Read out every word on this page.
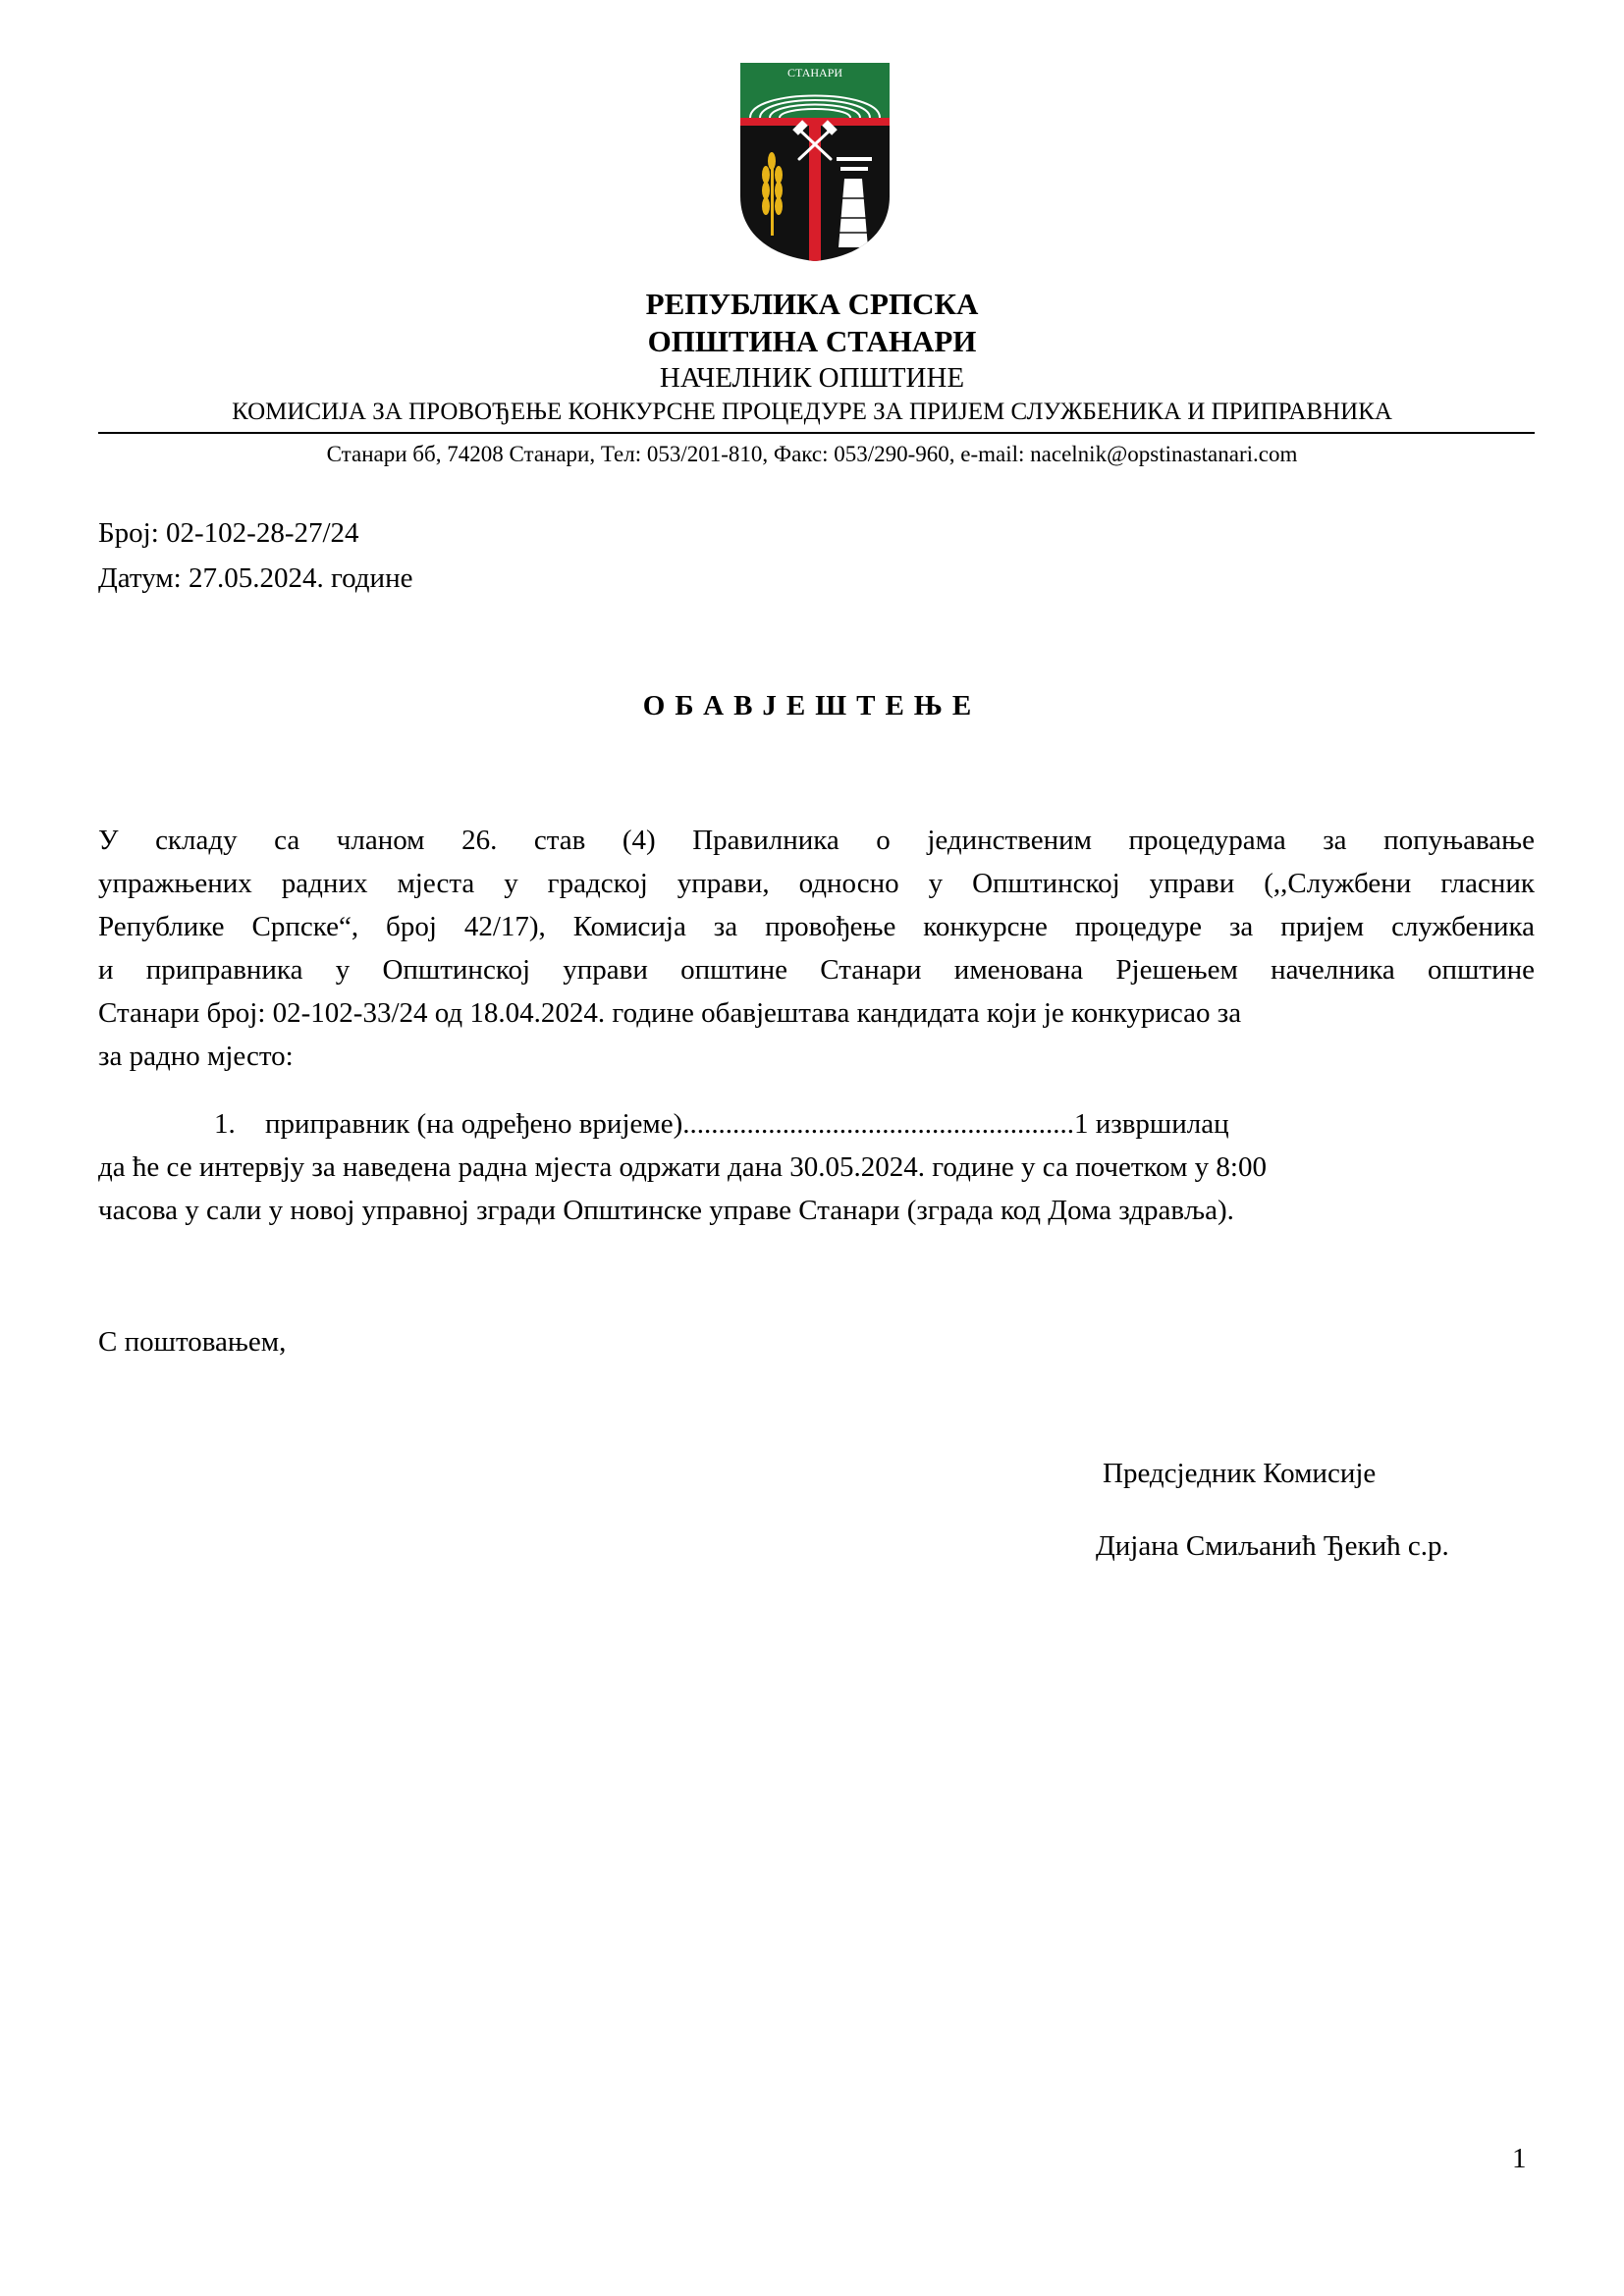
СТАНАРИ
РЕПУБЛИКА СРПСКА
ОПШТИНА СТАНАРИ
НАЧЕЛНИК ОПШТИНЕ
КОМИСИЈА ЗА ПРОВОЂЕЊЕ КОНКУРСНЕ ПРОЦЕДУРЕ ЗА ПРИЈЕМ СЛУЖБЕНИКА И ПРИПРАВНИКА
Станари бб, 74208 Станари, Тел: 053/201-810, Факс: 053/290-960, e-mail: nacelnik@opstinastanari.com
Број: 02-102-28-27/24
Датум: 27.05.2024. године
ОБАВЈЕШТЕЊЕ
У складу са чланом 26. став (4) Правилника о јединственим процедурама за попуњавање
упражњених радних мјеста у градској управи, односно у Општинској управи (,,Службени гласник
Републике Српске“, број 42/17), Комисија за провођење конкурсне процедуре за пријем службеника
и приправника у Општинској управи општине Станари именована Рјешењем начелника општине
Станари број: 02-102-33/24 од 18.04.2024. године обавјештава кандидата који је конкурисао за
за радно мјесто:
1. приправник (на одређено вријеме).......................................................1 извршилац
да ће се интервју за наведена радна мјеста одржати дана 30.05.2024. године у са почетком у 8:00
часова у сали у новој управној згради Општинске управе Станари (зграда код Дома здравља).
С поштовањем,
Предсједник Комисије
Дијана Смиљанић Ђекић с.р.
1
